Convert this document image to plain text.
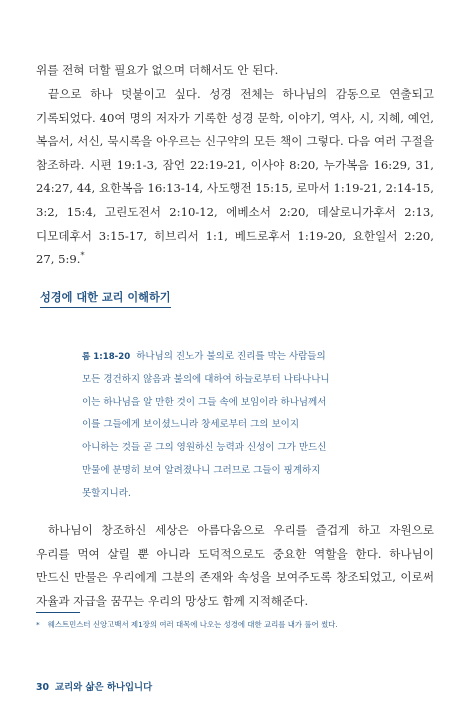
위를 전혀 더할 필요가 없으며 더해서도 안 된다.

끝으로 하나 덧붙이고 싶다. 성경 전체는 하나님의 감동으로 연출되고 기록되었다. 40여 명의 저자가 기록한 성경 문학, 이야기, 역사, 시, 지혜, 예언, 복음서, 서신, 묵시록을 아우르는 신구약의 모든 책이 그렇다. 다음 여러 구절을 참조하라. 시편 19:1-3, 잠언 22:19-21, 이사야 8:20, 누가복음 16:29, 31, 24:27, 44, 요한복음 16:13-14, 사도행전 15:15, 로마서 1:19-21, 2:14-15, 3:2, 15:4, 고린도전서 2:10-12, 에베소서 2:20, 데살로니가후서 2:13, 디모데후서 3:15-17, 히브리서 1:1, 베드로후서 1:19-20, 요한일서 2:20, 27, 5:9.*

성경에 대한 교리 이해하기
롬 1:18-20 하나님의 진노가 불의로 진리를 막는 사람들의
모든 경건하지 않음과 불의에 대하여 하늘로부터 나타나나니
이는 하나님을 알 만한 것이 그들 속에 보임이라 하나님께서
이를 그들에게 보이셨느니라 창세로부터 그의 보이지
아니하는 것들 곧 그의 영원하신 능력과 신성이 그가 만드신
만물에 분명히 보여 알려졌나니 그러므로 그들이 핑계하지
못할지니라.

하나님이 창조하신 세상은 아름다움으로 우리를 즐겁게 하고 자원으로 우리를 먹여 살릴 뿐 아니라 도덕적으로도 중요한 역할을 한다. 하나님이 만드신 만물은 우리에게 그분의 존재와 속성을 보여주도록 창조되었고, 이로써 자율과 자급을 꿈꾸는 우리의 망상도 함께 지적해준다.

* 웨스트민스터 신앙고백서 제1장의 여러 대목에 나오는 성경에 대한 교리를 내가 풀어 썼다.

30 교리와 삶은 하나입니다
